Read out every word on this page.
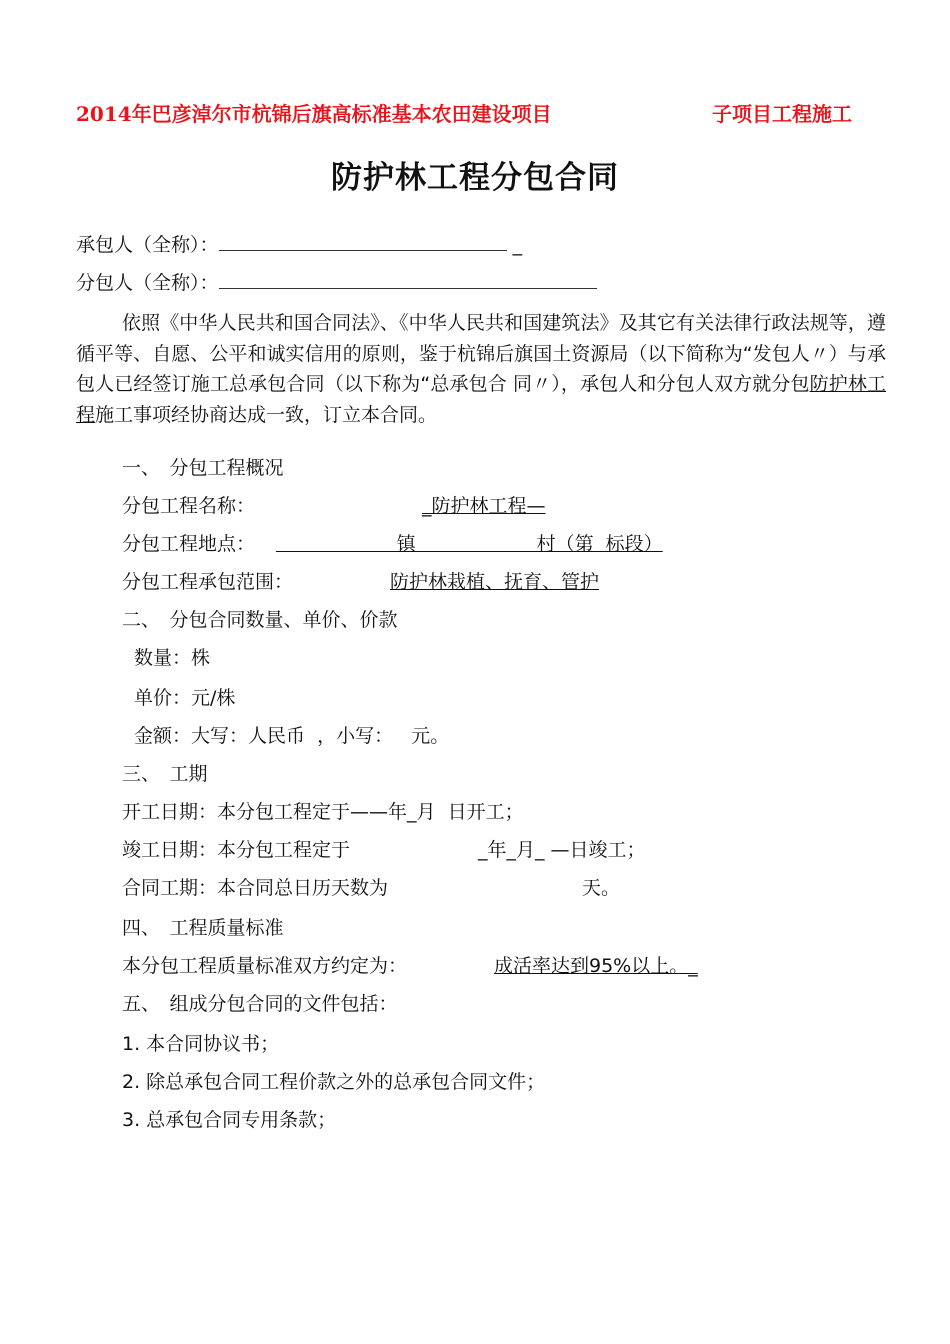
2014年巴彦淖尔市杭锦后旗高标准基本农田建设项目	子项目工程施工
防护林工程分包合同
承包人（全称）：	_
分包人（全称）：
依照《中华人民共和国合同法》、《中华人民共和国建筑法》及其它有关法律行政法规等，遵循平等、自愿、公平和诚实信用的原则，鉴于杭锦后旗国土资源局（以下简称为“发包人〃）与承包人已经签订施工总承包合同（以下称为“总承包合 同〃），承包人和分包人双方就分包防护林工程施工事项经协商达成一致，订立本合同。
一、　分包工程概况
分包工程名称：	_防护林工程—
分包工程地点： 镇                    村（第  标段）
分包工程承包范围：	防护林栽植、抚育、管护
二、　分包合同数量、单价、价款
数量：株
单价：元/株
金额：大写：人民币  ，小写：   元。
三、　工期
开工日期：本分包工程定于——年_月  日开工；
竣工日期：本分包工程定于	_年_月_ —日竣工；
合同工期：本合同总日历天数为	天。
四、　工程质量标准
本分包工程质量标准双方约定为：	成活率达到95%以上。_
五、　组成分包合同的文件包括：
1. 本合同协议书；
2. 除总承包合同工程价款之外的总承包合同文件；
3. 总承包合同专用条款；
